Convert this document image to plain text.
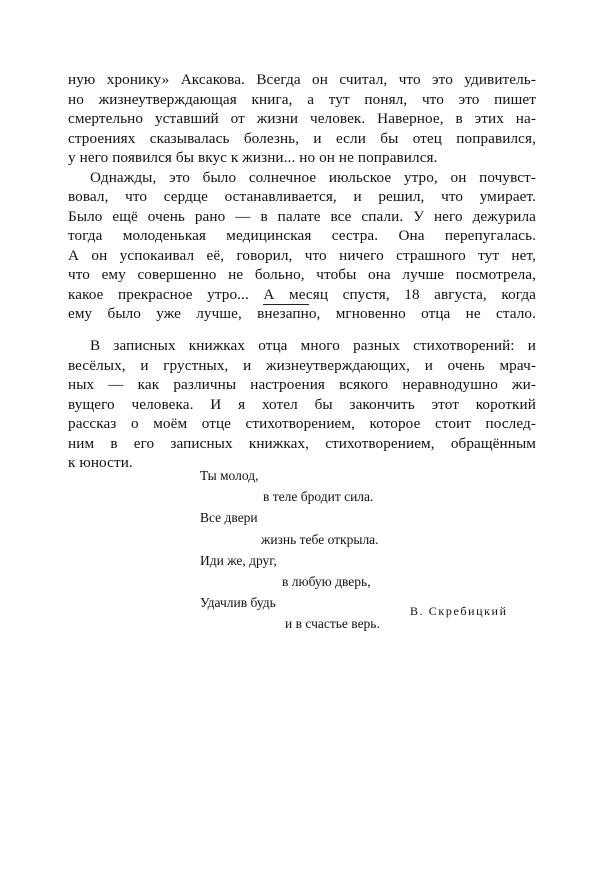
ную хронику» Аксакова. Всегда он считал, что это удивитель-
но жизнеутверждающая книга, а тут понял, что это пишет
смертельно уставший от жизни человек. Наверное, в этих на-
строениях сказывалась болезнь, и если бы отец поправился,
у него появился бы вкус к жизни... но он не поправился.
Однажды, это было солнечное июльское утро, он почувст-
вовал, что сердце останавливается, и решил, что умирает.
Было ещё очень рано — в палате все спали. У него дежурила
тогда молоденькая медицинская сестра. Она перепугалась.
А он успокаивал её, говорил, что ничего страшного тут нет,
что ему совершенно не больно, чтобы она лучше посмотрела,
какое прекрасное утро... А месяц спустя, 18 августа, когда
ему было уже лучше, внезапно, мгновенно отца не стало.
В записных книжках отца много разных стихотворений: и
весёлых, и грустных, и жизнеутверждающих, и очень мрач-
ных — как различны настроения всякого неравнодушно жи-
вущего человека. И я хотел бы закончить этот короткий
рассказ о моём отце стихотворением, которое стоит послед-
ним в его записных книжках, стихотворением, обращённым
к юности.
Ты молод,
в теле бродит сила.
Все двери
жизнь тебе открыла.
Иди же, друг,
в любую дверь,
Удачлив будь
и в счастье верь.
В. Скребицкий
